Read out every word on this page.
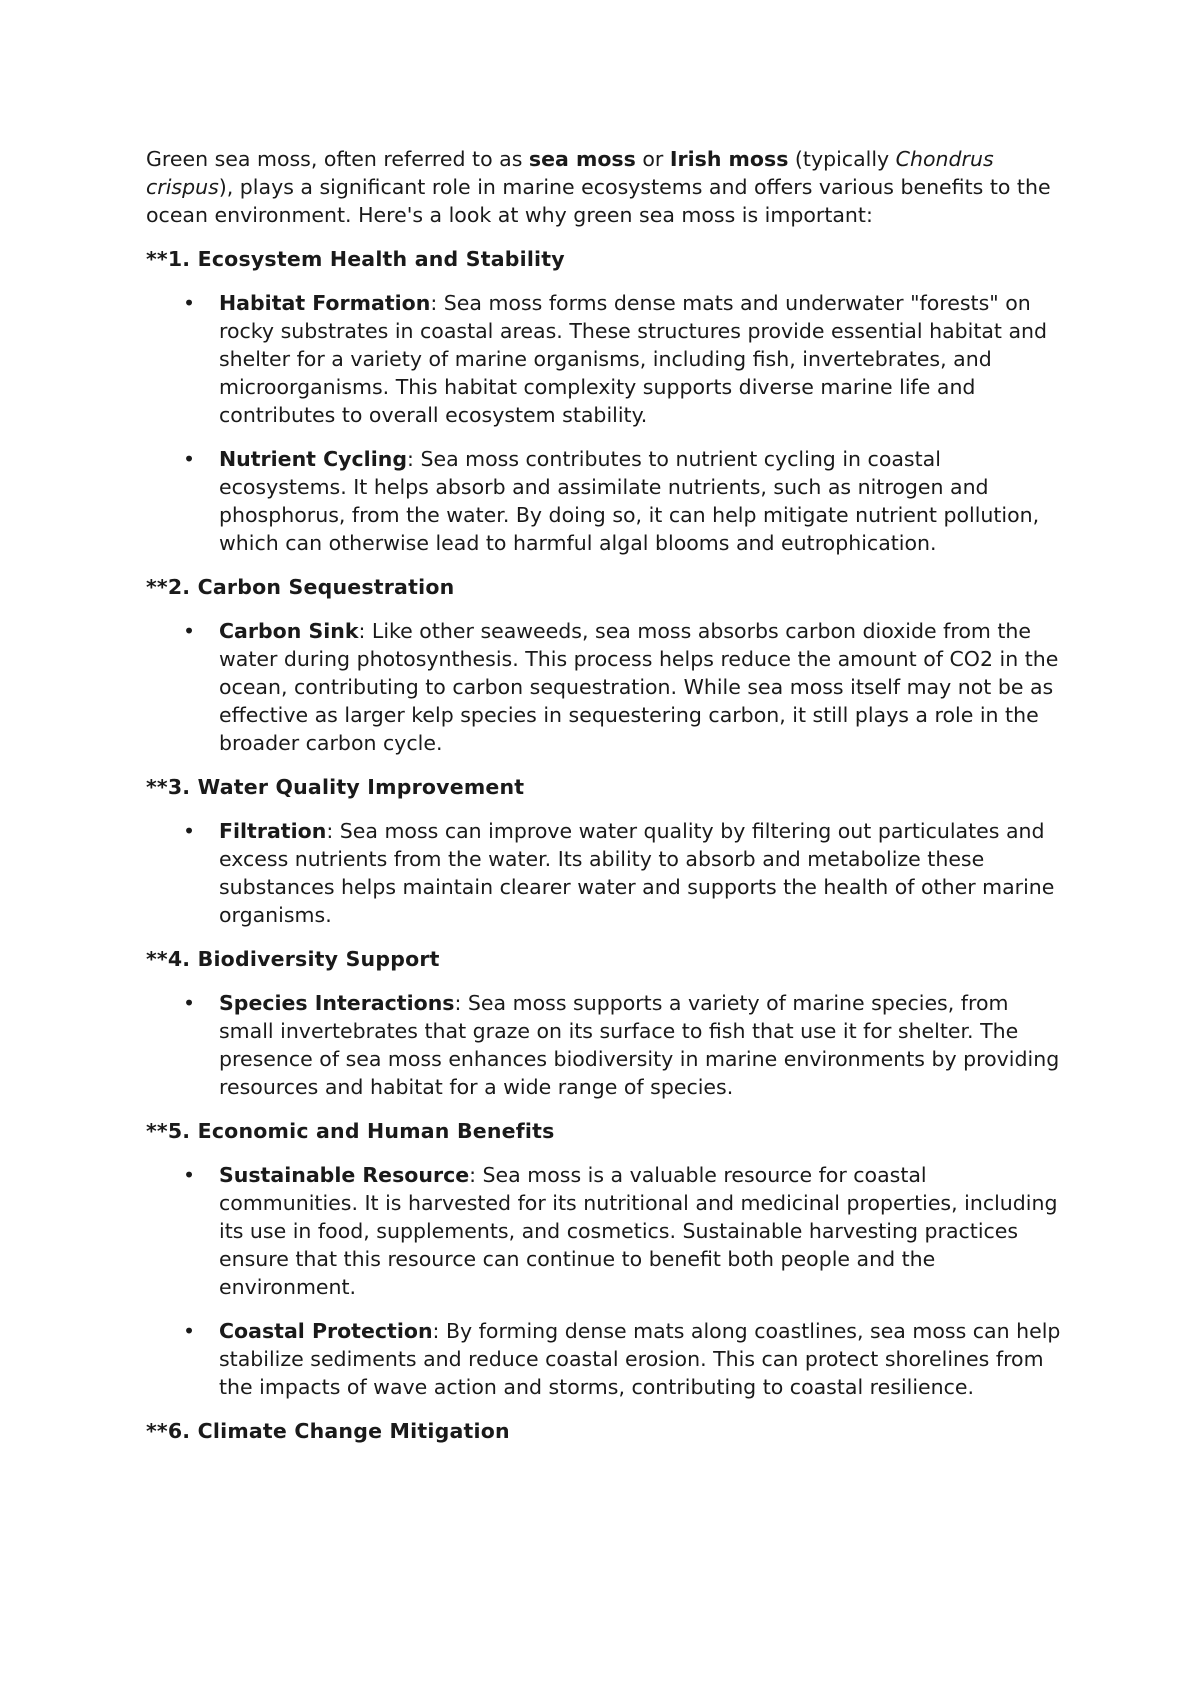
Green sea moss, often referred to as sea moss or Irish moss (typically Chondrus crispus), plays a significant role in marine ecosystems and offers various benefits to the ocean environment. Here's a look at why green sea moss is important:

**1. Ecosystem Health and Stability
• Habitat Formation: Sea moss forms dense mats and underwater "forests" on rocky substrates in coastal areas. These structures provide essential habitat and shelter for a variety of marine organisms, including fish, invertebrates, and microorganisms. This habitat complexity supports diverse marine life and contributes to overall ecosystem stability.
• Nutrient Cycling: Sea moss contributes to nutrient cycling in coastal ecosystems. It helps absorb and assimilate nutrients, such as nitrogen and phosphorus, from the water. By doing so, it can help mitigate nutrient pollution, which can otherwise lead to harmful algal blooms and eutrophication.
**2. Carbon Sequestration
• Carbon Sink: Like other seaweeds, sea moss absorbs carbon dioxide from the water during photosynthesis. This process helps reduce the amount of CO2 in the ocean, contributing to carbon sequestration. While sea moss itself may not be as effective as larger kelp species in sequestering carbon, it still plays a role in the broader carbon cycle.
**3. Water Quality Improvement
• Filtration: Sea moss can improve water quality by filtering out particulates and excess nutrients from the water. Its ability to absorb and metabolize these substances helps maintain clearer water and supports the health of other marine organisms.
**4. Biodiversity Support
• Species Interactions: Sea moss supports a variety of marine species, from small invertebrates that graze on its surface to fish that use it for shelter. The presence of sea moss enhances biodiversity in marine environments by providing resources and habitat for a wide range of species.
**5. Economic and Human Benefits
• Sustainable Resource: Sea moss is a valuable resource for coastal communities. It is harvested for its nutritional and medicinal properties, including its use in food, supplements, and cosmetics. Sustainable harvesting practices ensure that this resource can continue to benefit both people and the environment.
• Coastal Protection: By forming dense mats along coastlines, sea moss can help stabilize sediments and reduce coastal erosion. This can protect shorelines from the impacts of wave action and storms, contributing to coastal resilience.
**6. Climate Change Mitigation
